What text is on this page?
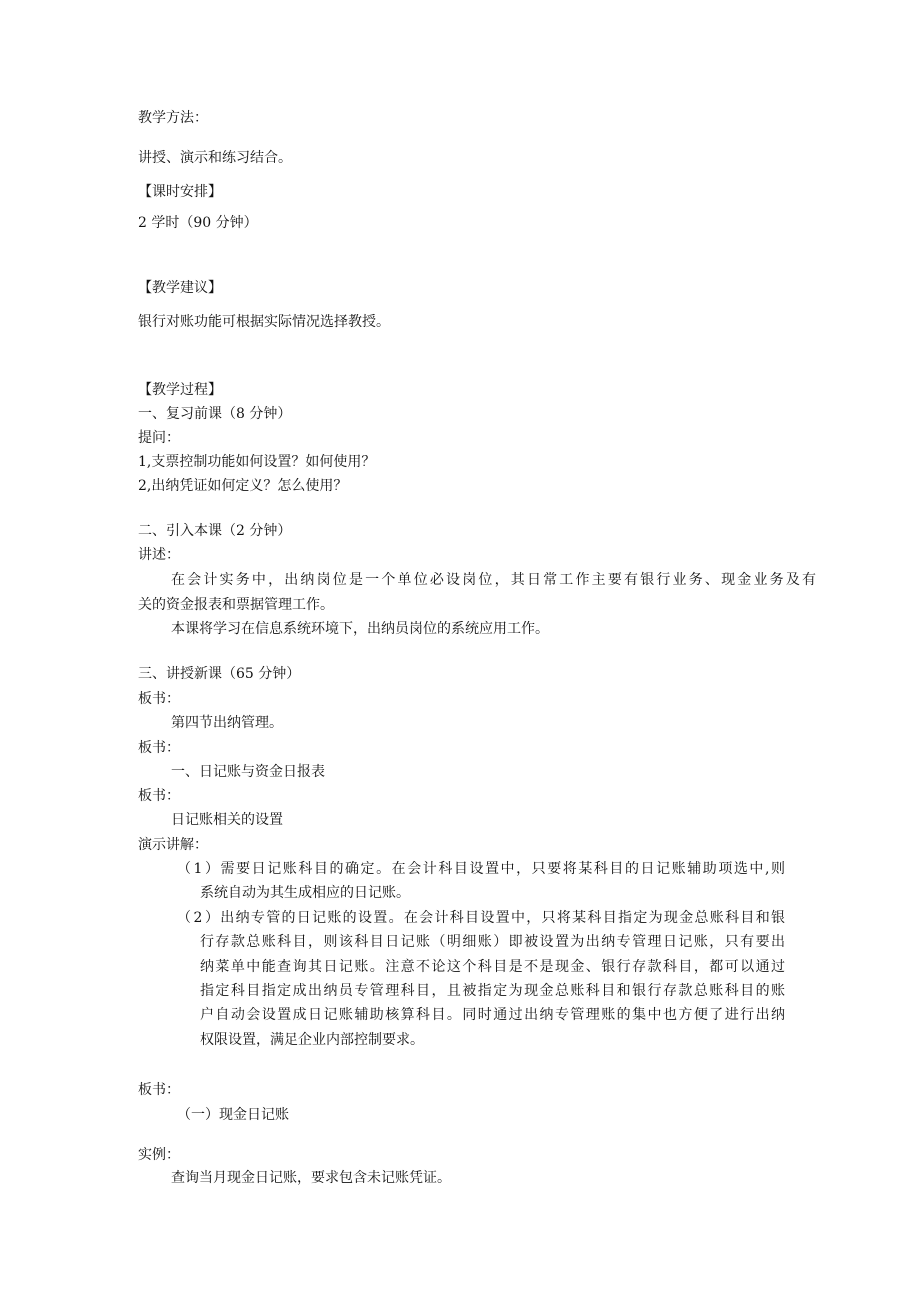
教学方法：

讲授、演示和练习结合。

【课时安排】

2 学时（90 分钟）

【教学建议】

银行对账功能可根据实际情况选择教授。

【教学过程】

一、复习前课（8 分钟）

提问：

1,支票控制功能如何设置？如何使用？

2,出纳凭证如何定义？怎么使用？

二、引入本课（2 分钟）

讲述：

在会计实务中，出纳岗位是一个单位必设岗位，其日常工作主要有银行业务、现金业务及有

关的资金报表和票据管理工作。

本课将学习在信息系统环境下，出纳员岗位的系统应用工作。

三、讲授新课（65 分钟）

板书：

第四节出纳管理。

板书：

一、日记账与资金日报表

板书：

日记账相关的设置

演示讲解：

（1）需要日记账科目的确定。在会计科目设置中，只要将某科目的日记账辅助项选中,则

系统自动为其生成相应的日记账。

（2）出纳专管的日记账的设置。在会计科目设置中，只将某科目指定为现金总账科目和银

行存款总账科目，则该科目日记账（明细账）即被设置为出纳专管理日记账，只有要出

纳菜单中能查询其日记账。注意不论这个科目是不是现金、银行存款科目，都可以通过

指定科目指定成出纳员专管理科目，且被指定为现金总账科目和银行存款总账科目的账

户自动会设置成日记账辅助核算科目。同时通过出纳专管理账的集中也方便了进行出纳

权限设置，满足企业内部控制要求。

板书：

（一）现金日记账

实例：

查询当月现金日记账，要求包含未记账凭证。
